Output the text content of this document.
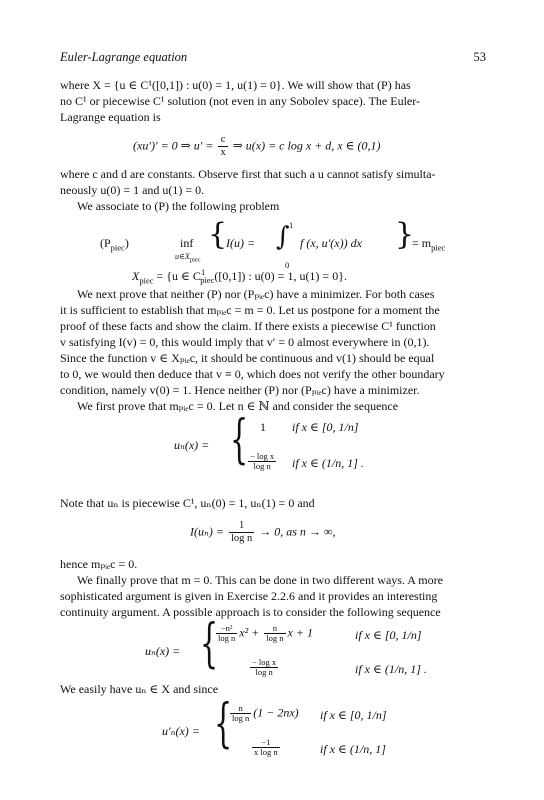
Euler-Lagrange equation	53
where X = {u ∈ C¹([0,1]) : u(0) = 1, u(1) = 0}. We will show that (P) has
no C¹ or piecewise C¹ solution (not even in any Sobolev space). The Euler-
Lagrange equation is
(xu′)′ = 0 ⇒ $u' = \frac{c}{x}$ ⇒ u(x) = c log x + d, x ∈ (0,1)
where c and d are constants. Observe first that such a u cannot satisfy simulta-
neously u(0) = 1 and u(1) = 0.
We associate to (P) the following problem
$(P_{piec})$	inf
$u\in X_{piec}$
{
I(u) = ∫ 1
0
f (x, u′(x)) dx }
= $m_{piec}$
$X_{piec} = \{u$ ∈ $C^1_{piec}([0,1])$ : u(0) = 1, u(1) = 0}.
We next prove that neither (P) nor (Pₚᵢₑc) have a minimizer. For both cases
it is sufficient to establish that mₚᵢₑc = m = 0. Let us postpone for a moment the
proof of these facts and show the claim. If there exists a piecewise C¹ function
v satisfying I(v) = 0, this would imply that v′ = 0 almost everywhere in (0,1).
Since the function v ∈ Xₚᵢₑc, it should be continuous and v(1) should be equal
to 0, we would then deduce that v ≡ 0, which does not verify the other boundary
condition, namely v(0) = 1. Hence neither (P) nor (Pₚᵢₑc) have a minimizer.
We first prove that mₚᵢₑc = 0. Let n ∈ ℕ and consider the sequence
uₙ(x) = { 1 if x ∈ [0, 1/n]
$\frac{\text{− log x}}{\text{log n}}$ if x ∈ (1/n, 1] .
Note that uₙ is piecewise C¹, uₙ(0) = 1, uₙ(1) = 0 and
$I(u_n) = \frac{1}{\text{log n}} \to 0$, as n → ∞,
hence mₚᵢₑc = 0.
We finally prove that m = 0. This can be done in two different ways. A more
sophisticated argument is given in Exercise 2.2.6 and it provides an interesting
continuity argument. A possible approach is to consider the following sequence
uₙ(x) = {
$\frac{\text{−n²}}{\text{log n}} x^2 + \frac{n}{\text{log n}}$ x + 1	if x ∈ [0, 1/n]
$\frac{\text{− log x}}{\text{log n}}$	if x ∈ (1/n, 1] .
We easily have uₙ ∈ X and since
u′ₙ(x) = {
$\frac{n}{\text{log n}} (1 - 2nx)$ if x ∈ [0, 1/n]
$\frac{-1}{\text{x log n}}$	if x ∈ (1/n, 1]
